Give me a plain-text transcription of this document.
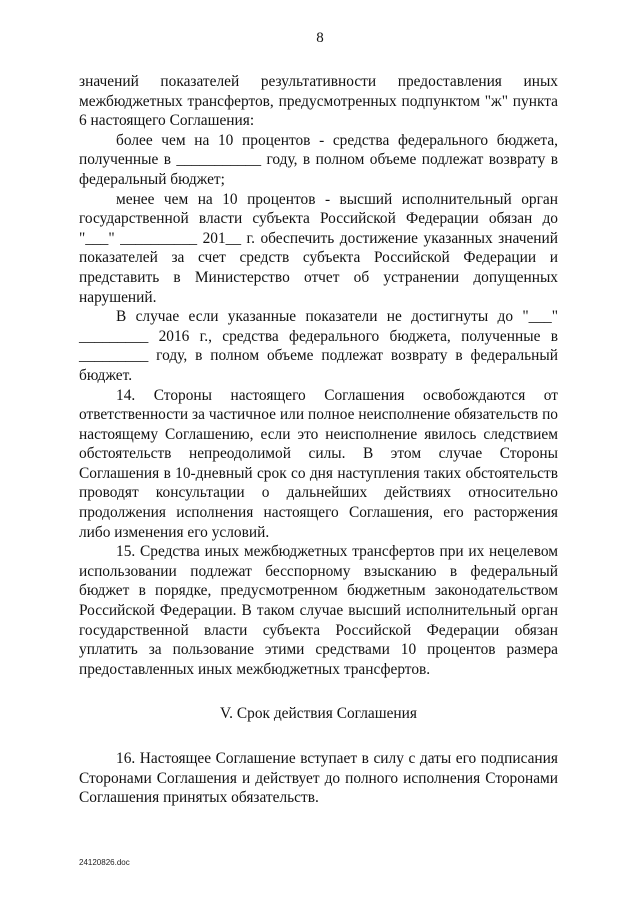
8

значений показателей результативности предоставления иных межбюджетных трансфертов, предусмотренных подпунктом "ж" пункта 6 настоящего Соглашения:

более чем на 10 процентов - средства федерального бюджета, полученные в ___________ году, в полном объеме подлежат возврату в федеральный бюджет;

менее чем на 10 процентов - высший исполнительный орган государственной власти субъекта Российской Федерации обязан до "___" __________ 201__ г. обеспечить достижение указанных значений показателей за счет средств субъекта Российской Федерации и представить в Министерство отчет об устранении допущенных нарушений.

В случае если указанные показатели не достигнуты до "___" _________ 2016 г., средства федерального бюджета, полученные в _________ году, в полном объеме подлежат возврату в федеральный бюджет.

14. Стороны настоящего Соглашения освобождаются от ответственности за частичное или полное неисполнение обязательств по настоящему Соглашению, если это неисполнение явилось следствием обстоятельств непреодолимой силы. В этом случае Стороны Соглашения в 10-дневный срок со дня наступления таких обстоятельств проводят консультации о дальнейших действиях относительно продолжения исполнения настоящего Соглашения, его расторжения либо изменения его условий.

15. Средства иных межбюджетных трансфертов при их нецелевом использовании подлежат бесспорному взысканию в федеральный бюджет в порядке, предусмотренном бюджетным законодательством Российской Федерации. В таком случае высший исполнительный орган государственной власти субъекта Российской Федерации обязан уплатить за пользование этими средствами 10 процентов размера предоставленных иных межбюджетных трансфертов.

V. Срок действия Соглашения

16. Настоящее Соглашение вступает в силу с даты его подписания Сторонами Соглашения и действует до полного исполнения Сторонами Соглашения принятых обязательств.

24120826.doc
